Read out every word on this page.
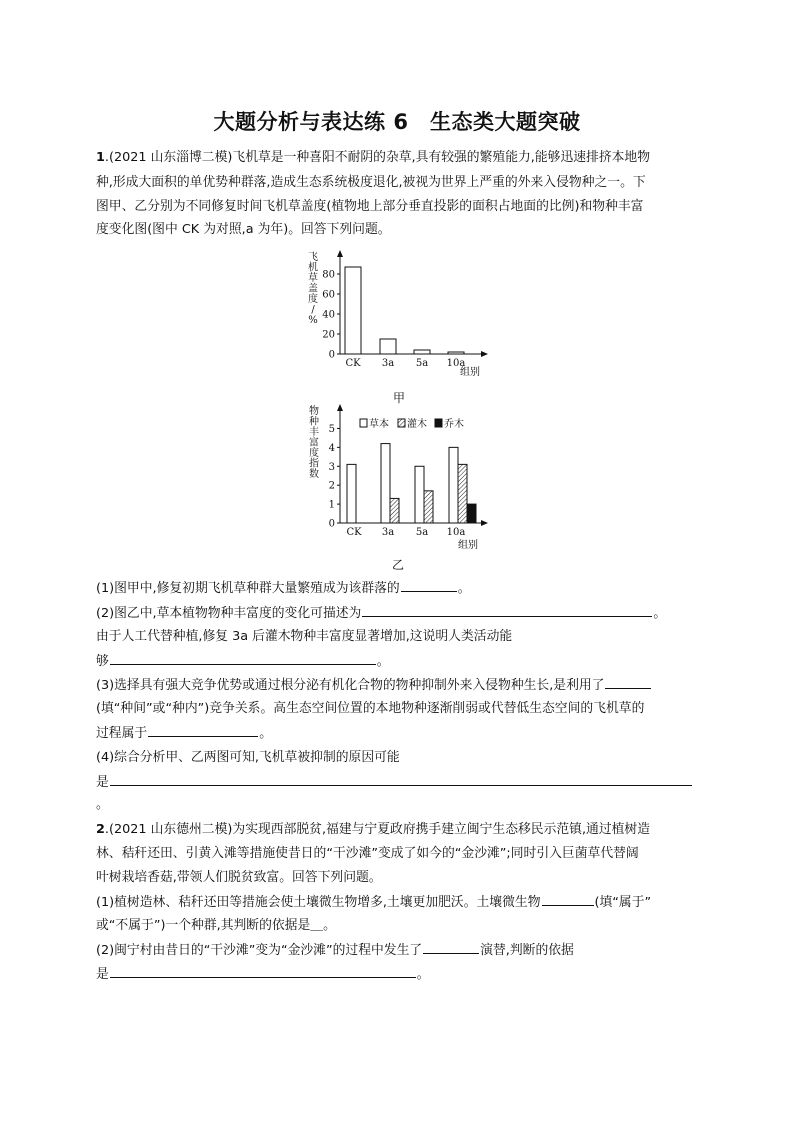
大题分析与表达练 6　生态类大题突破
1.(2021 山东淄博二模)飞机草是一种喜阳不耐阴的杂草,具有较强的繁殖能力,能够迅速排挤本地物
种,形成大面积的单优势种群落,造成生态系统极度退化,被视为世界上严重的外来入侵物种之一。下
图甲、乙分别为不同修复时间飞机草盖度(植物地上部分垂直投影的面积占地面的比例)和物种丰富
度变化图(图中 CK 为对照,a 为年)。回答下列问题。
0
20
40
60
80
飞
机
草
盖
度
/
%
CK 3a 5a 10a
组别
甲
0
1
2
3
4
5
物
种
丰
富
度
指
数
CK 3a 5a 10a
组别
草本 灌木 乔木
乙
(1)图甲中,修复初期飞机草种群大量繁殖成为该群落的	。
(2)图乙中,草本植物物种丰富度的变化可描述为	。
由于人工代替种植,修复 3a 后灌木物种丰富度显著增加,这说明人类活动能
够	。
(3)选择具有强大竞争优势或通过根分泌有机化合物的物种抑制外来入侵物种生长,是利用了
(填“种间”或“种内”)竞争关系。高生态空间位置的本地物种逐渐削弱或代替低生态空间的飞机草的
过程属于	。
(4)综合分析甲、乙两图可知,飞机草被抑制的原因可能
是
。
2.(2021 山东德州二模)为实现西部脱贫,福建与宁夏政府携手建立闽宁生态移民示范镇,通过植树造
林、秸秆还田、引黄入滩等措施使昔日的“干沙滩”变成了如今的“金沙滩”;同时引入巨菌草代替阔
叶树栽培香菇,带领人们脱贫致富。回答下列问题。
(1)植树造林、秸秆还田等措施会使土壤微生物增多,土壤更加肥沃。土壤微生物	(填“属于”
或“不属于”)一个种群,其判断的依据是＿。
(2)闽宁村由昔日的“干沙滩”变为“金沙滩”的过程中发生了	演替,判断的依据
是	。
